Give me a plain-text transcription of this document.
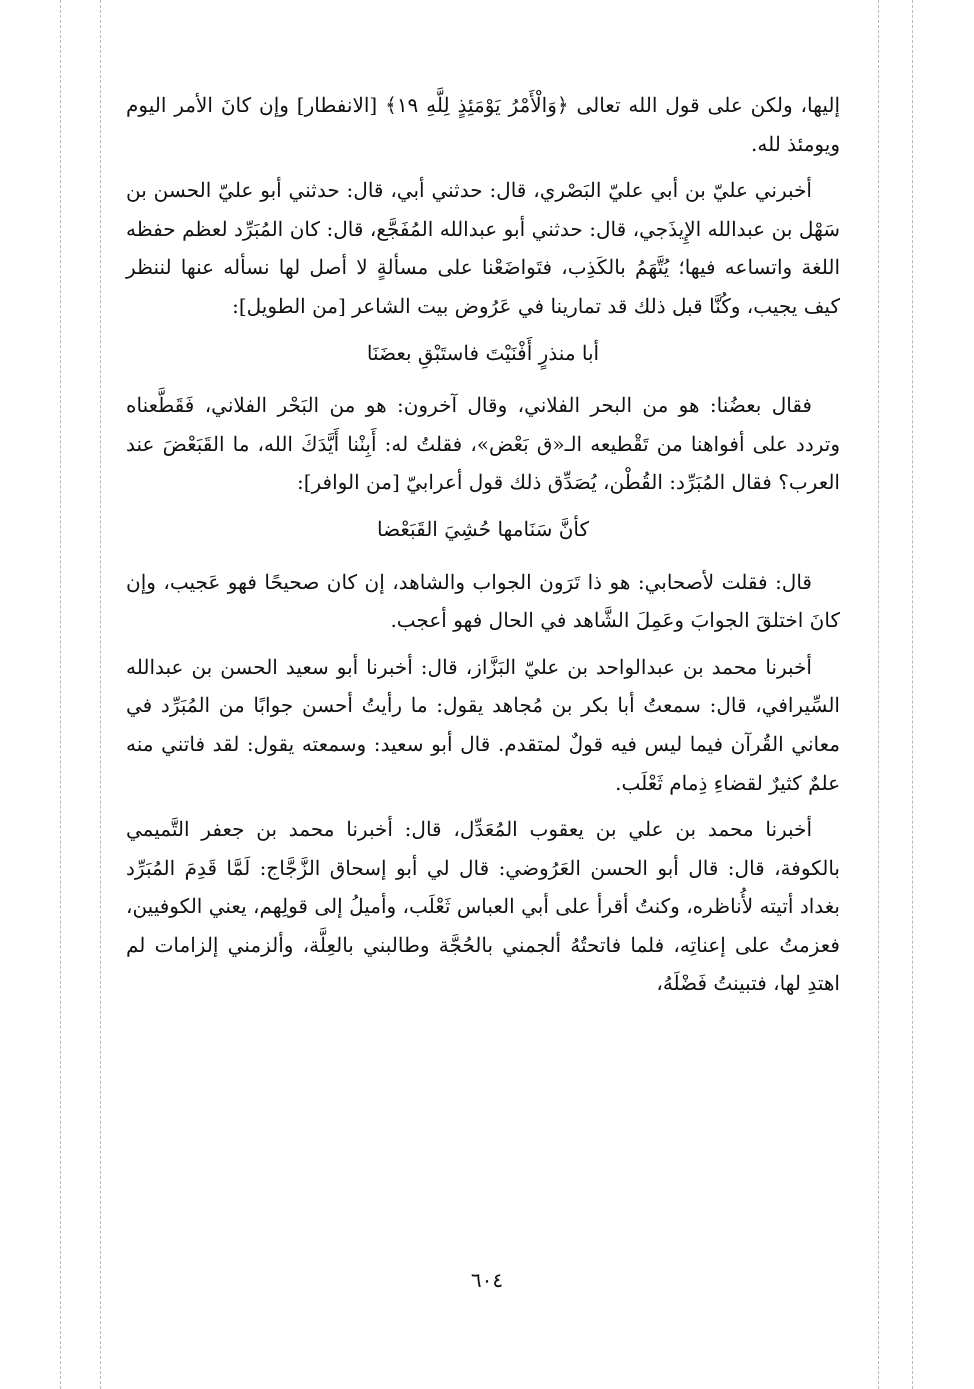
إليها، ولكن على قول الله تعالى ﴿وَالْأَمْرُ يَوْمَئِذٍ لِلَّهِ ١٩﴾ [الانفطار] وإن كانَ الأمر اليوم ويومئذ لله.

أخبرني عليّ بن أبي عليّ البَصْري، قال: حدثني أبي، قال: حدثني أبو عليّ الحسن بن سَهْل بن عبدالله الإِيذَجي، قال: حدثني أبو عبدالله المُفَجَّع، قال: كان المُبَرِّد لعظم حفظه اللغة واتساعه فيها؛ يُتَّهَمُ بالكَذِب، فتَواضَعْنا على مسألةٍ لا أصل لها نسأله عنها لننظر كيف يجيب، وكُنَّا قبل ذلك قد تمارينا في عَرُوض بيت الشاعر [من الطويل]:

أبا منذرٍ أَفْنَيْتَ فاستَبْقِ بعضَنَا

فقال بعضُنا: هو من البحر الفلاني، وقال آخرون: هو من البَحْر الفلاني، فَقَطَّعناه وتردد على أفواهنا من تَقْطيعه الـ«ق بَعْض»، فقلتُ له: أَبِنْنا أَيَّدَكَ الله، ما القَبَعْضَ عند العرب؟ فقال المُبَرِّد: القُطْن، يُصَدِّق ذلك قول أعرابيّ [من الوافر]:

كأنَّ سَنَامها حُشِيَ القَبَعْضا

قال: فقلت لأصحابي: هو ذا تَرَون الجواب والشاهد، إن كان صحيحًا فهو عَجيب، وإن كانَ اختلقَ الجوابَ وعَمِلَ الشَّاهد في الحال فهو أعجب.

أخبرنا محمد بن عبدالواحد بن عليّ البَزَّاز، قال: أخبرنا أبو سعيد الحسن بن عبدالله السِّيرافي، قال: سمعتُ أبا بكر بن مُجاهد يقول: ما رأيتُ أحسن جوابًا من المُبَرِّد في معاني القُرآن فيما ليس فيه قولٌ لمتقدم. قال أبو سعيد: وسمعته يقول: لقد فاتني منه علمٌ كثيرٌ لقضاءِ ذِمام ثَعْلَب.

أخبرنا محمد بن علي بن يعقوب المُعَدِّل، قال: أخبرنا محمد بن جعفر التَّميمي بالكوفة، قال: قال أبو الحسن العَرُوضي: قال لي أبو إسحاق الزَّجَّاج: لَمَّا قَدِمَ المُبَرِّد بغداد أتيته لأُناظره، وكنتُ أقرأ على أبي العباس ثَعْلَب، وأميلُ إلى قولِهم، يعني الكوفيين، فعزمتُ على إعناتِه، فلما فاتحتُهُ ألجمني بالحُجَّة وطالبني بالعِلَّة، وألزمني إلزامات لم اهتدِ لها، فتبينتُ فَضْلَهُ،

٦٠٤
